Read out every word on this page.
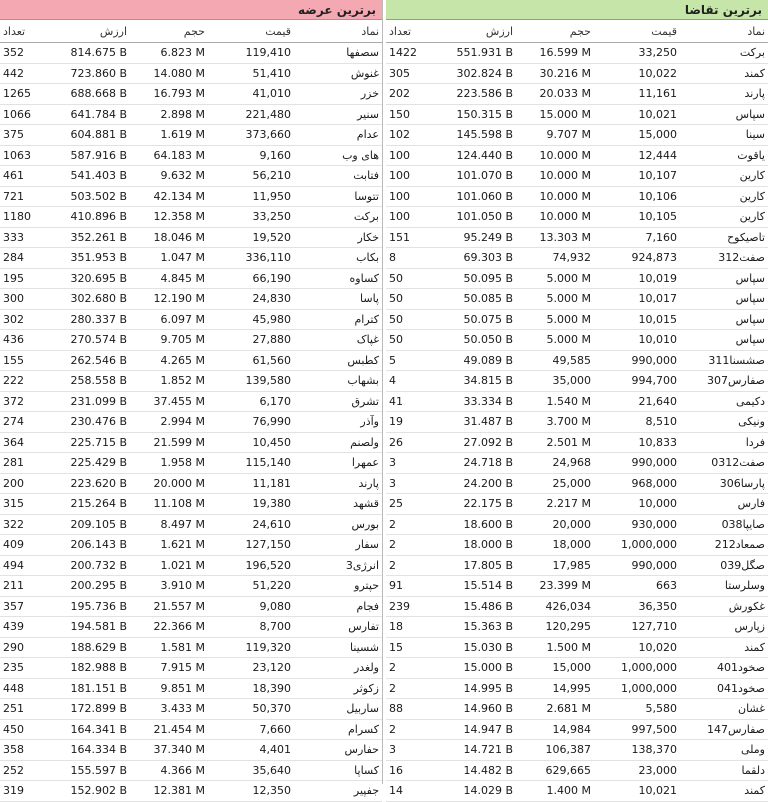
برترین تقاضا
تعداد	ارزش	حجم	قیمت	نماد
1422	551.931 B	16.599 M	33,250	برکت
305	302.824 B	30.216 M	10,022	کمند
202	223.586 B	20.033 M	11,161	پارند
150	150.315 B	15.000 M	10,021	سپاس
102	145.598 B	9.707 M	15,000	سینا
100	124.440 B	10.000 M	12,444	یاقوت
100	101.070 B	10.000 M	10,107	کارین
100	101.060 B	10.000 M	10,106	کارین
100	101.050 B	10.000 M	10,105	کارین
151	95.249 B	13.303 M	7,160	تاصیکوح
8	69.303 B	74,932	924,873	صفت312
50	50.095 B	5.000 M	10,019	سپاس
50	50.085 B	5.000 M	10,017	سپاس
50	50.075 B	5.000 M	10,015	سپاس
50	50.050 B	5.000 M	10,010	سپاس
5	49.089 B	49,585	990,000	صشسنا311
4	34.815 B	35,000	994,700	صفارس307
41	33.334 B	1.540 M	21,640	دکیمی
19	31.487 B	3.700 M	8,510	ونیکی
26	27.092 B	2.501 M	10,833	فردا
3	24.718 B	24,968	990,000	صفت0312
3	24.200 B	25,000	968,000	پارسا306
25	22.175 B	2.217 M	10,000	فارس
2	18.600 B	20,000	930,000	صایپا038
2	18.000 B	18,000	1,000,000	صمعاد212
2	17.805 B	17,985	990,000	صگل039
91	15.514 B	23.399 M	663	وسلرستا
239	15.486 B	426,034	36,350	غکورش
18	15.363 B	120,295	127,710	زپارس
15	15.030 B	1.500 M	10,020	کمند
2	15.000 B	15,000	1,000,000	صخود401
2	14.995 B	14,995	1,000,000	صخود041
88	14.960 B	2.681 M	5,580	غشان
2	14.947 B	14,984	997,500	صفارس147
3	14.721 B	106,387	138,370	وملی
16	14.482 B	629,665	23,000	دلقما
14	14.029 B	1.400 M	10,021	کمند
برترین عرضه
تعداد	ارزش	حجم	قیمت	نماد
352	814.675 B	6.823 M	119,410	سصفها
442	723.860 B	14.080 M	51,410	غنوش
1265	688.668 B	16.793 M	41,010	خزر
1066	641.784 B	2.898 M	221,480	سنیر
375	604.881 B	1.619 M	373,660	عدام
1063	587.916 B	64.183 M	9,160	های وب
461	541.403 B	9.632 M	56,210	فتابت
721	503.502 B	42.134 M	11,950	تتوسا
1180	410.896 B	12.358 M	33,250	برکت
333	352.261 B	18.046 M	19,520	خکار
284	351.953 B	1.047 M	336,110	بکاب
195	320.695 B	4.845 M	66,190	کساوه
300	302.680 B	12.190 M	24,830	پاسا
302	280.337 B	6.097 M	45,980	کترام
436	270.574 B	9.705 M	27,880	غپاک
155	262.546 B	4.265 M	61,560	کطبس
222	258.558 B	1.852 M	139,580	بشهاب
372	231.099 B	37.455 M	6,170	تشرق
274	230.476 B	2.994 M	76,990	وآذر
364	225.715 B	21.599 M	10,450	ولصنم
281	225.429 B	1.958 M	115,140	عمهرا
200	223.620 B	20.000 M	11,181	پارند
315	215.264 B	11.108 M	19,380	قشهد
322	209.105 B	8.497 M	24,610	بورس
409	206.143 B	1.621 M	127,150	سفار
494	200.732 B	1.021 M	196,520	انرژی3
211	200.295 B	3.910 M	51,220	حپترو
357	195.736 B	21.557 M	9,080	فجام
439	194.581 B	22.366 M	8,700	تفارس
290	188.629 B	1.581 M	119,320	شسینا
235	182.988 B	7.915 M	23,120	ولغدر
448	181.151 B	9.851 M	18,390	زکوثر
251	172.899 B	3.433 M	50,370	ساربیل
450	164.341 B	21.454 M	7,660	کسرام
358	164.334 B	37.340 M	4,401	حفارس
252	155.597 B	4.366 M	35,640	کساپا
319	152.902 B	12.381 M	12,350	جفپیر
